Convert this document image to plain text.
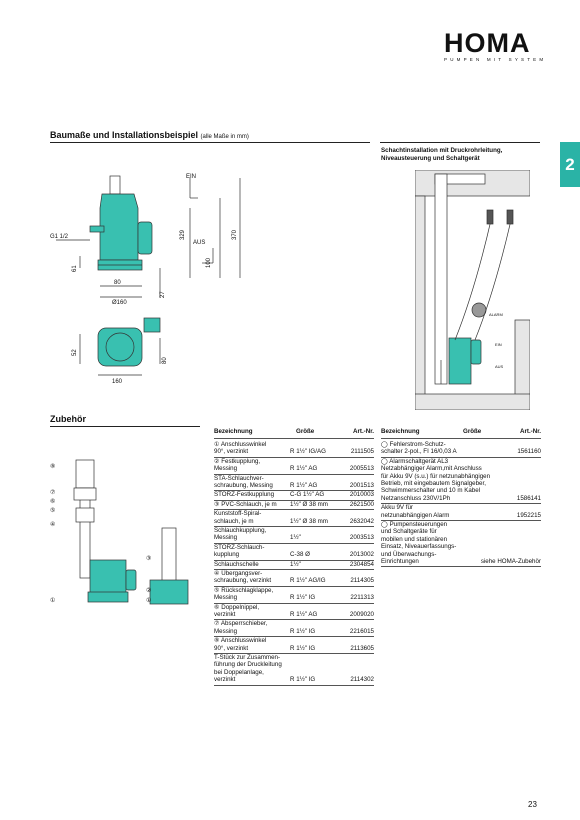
HOMA
PUMPEN MIT SYSTEM
2
Baumaße und Installationsbeispiel (alle Maße in mm)
Schachtinstallation mit Druckrohrleitung,
Niveausteuerung und Schaltgerät
EIN
329
AUS
100
370
G1 1/2
61
80
27
Ø160
52
80
160
ALARM
EIN
AUS
Zubehör
⑧
⑦
⑥
⑤
④
③
②
①	①
Bezeichnung	Größe	Art.-Nr.
① Anschlusswinkel
90°, verzinkt	R 1½" IG/AG	2111505
② Festkupplung,
Messing	R 1½" AG	2005513
STA-Schlauchver-
schraubung, Messing	R 1½" AG	2001513
STORZ-Festkupplung	C-G 1½" AG	2010003
③ PVC-Schlauch, je m 1½" Ø 38 mm	2621500
Kunststoff-Spiral-
schlauch, je m	1½" Ø 38 mm	2632042
Schlauchkupplung,
Messing	1½"	2003513
STORZ-Schlauch-
kupplung	C-38 Ø	2013002
Schlauchschelle	1½"	2304854
④ Übergangsver-
schraubung, verzinkt	R 1½" AG/IG	2114305
⑤ Rückschlagklappe,
Messing	R 1½" IG	2211313
⑥ Doppelnippel,
verzinkt	R 1½" AG	2009020
⑦ Absperrschieber,
Messing	R 1½" IG	2216015
⑧ Anschlusswinkel
90°, verzinkt	R 1½" IG	2113605
T-Stück zur Zusammen-
führung der Druckleitung
bei Doppelanlage,
verzinkt	R 1½" IG	2114302
Bezeichnung	Größe	Art.-Nr.
◯ Fehlerstrom-Schutz-
schalter 2-pol., FI 16/0,03 A	1561160
◯ Alarmschaltgerät AL3
Netzabhängiger Alarm,mit Anschluss
für Akku 9V (s.u.) für netzunabhängigen
Betrieb, mit eingebautem Signalgeber,
Schwimmerschalter und 10 m Kabel
Netzanschluss 230V/1Ph	1586141
Akku 9V für
netzunabhängigen Alarm	1952215
◯ Pumpensteuerungen
und Schaltgeräte für
mobilen und stationären
Einsatz, Niveauerfassungs-
und Überwachungs-
Einrichtungen	siehe HOMA-Zubehör
23
